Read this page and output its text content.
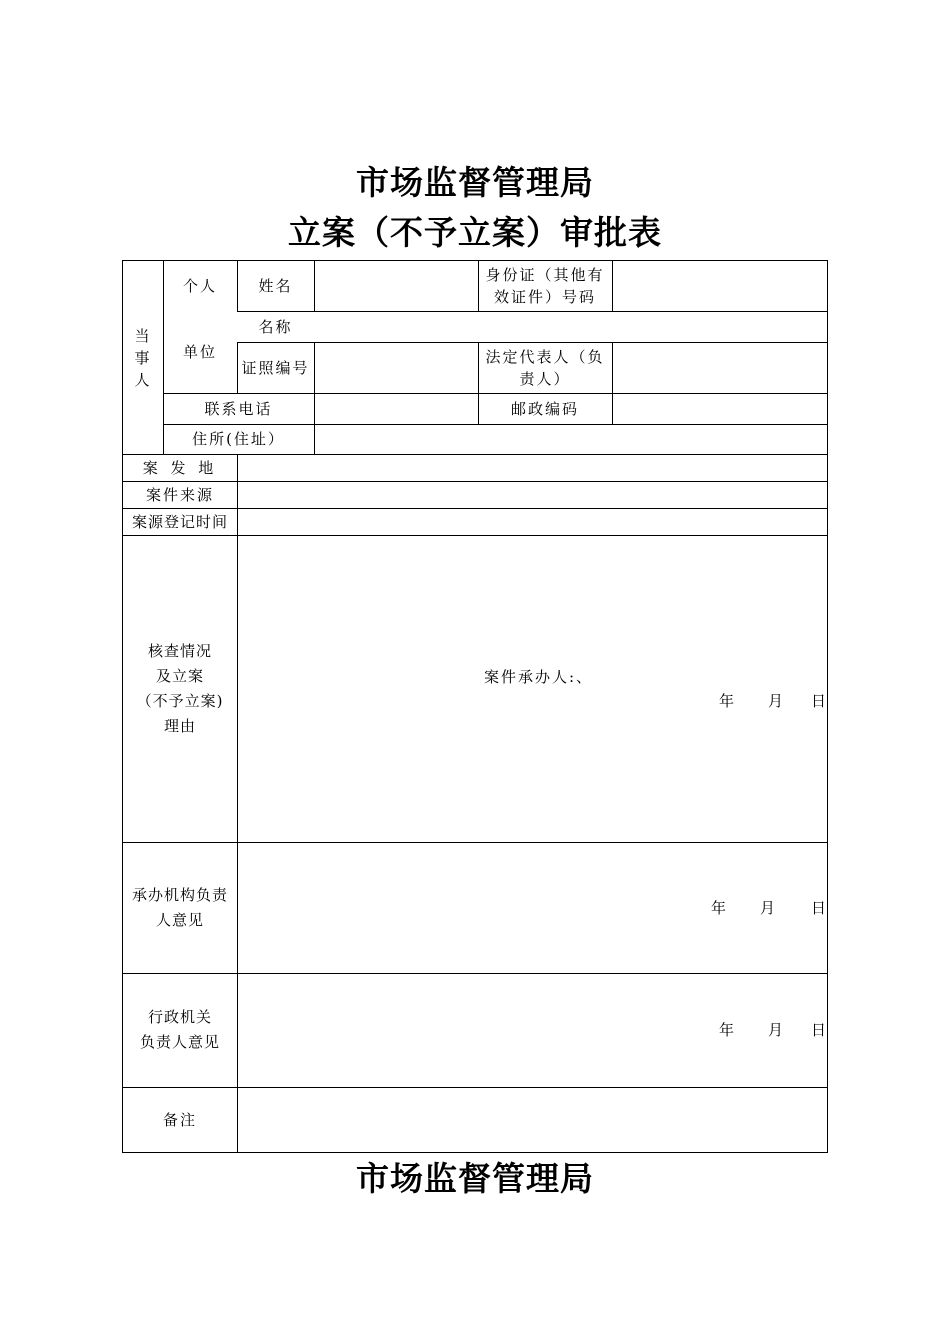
市场监督管理局
立案（不予立案）审批表
当
事
人
个人	姓名
身份证（其他有
效证件）号码
单位
名称
证照编号
法定代表人（负
责人）
联系电话	邮政编码
住所(住址）
案 发 地
案件来源
案源登记时间
核查情况
及立案
（不予立案)
理由
案件承办人:、
年 月 日
承办机构负责
人意见
年 月 日
行政机关
负责人意见
年 月 日
备注
市场监督管理局
